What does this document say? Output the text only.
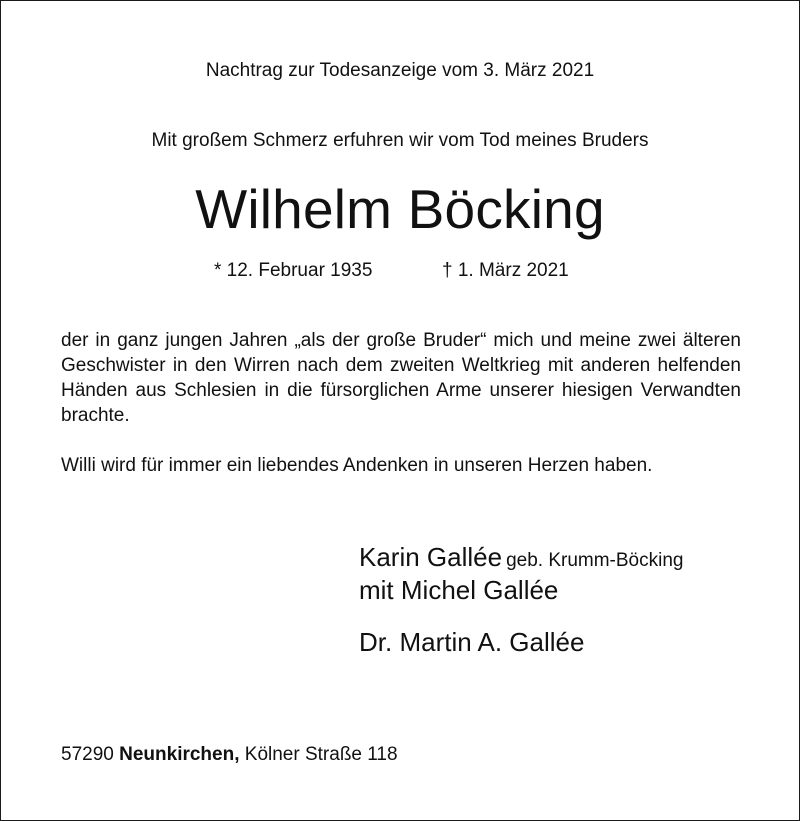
Nachtrag zur Todesanzeige vom 3. März 2021
Mit großem Schmerz erfuhren wir vom Tod meines Bruders
Wilhelm Böcking
* 12. Februar 1935	† 1. März 2021
der in ganz jungen Jahren „als der große Bruder“ mich und meine zwei älteren Geschwister in den Wirren nach dem zweiten Weltkrieg mit anderen helfenden Händen aus Schlesien in die fürsorglichen Arme unserer hiesigen Verwandten brachte.
Willi wird für immer ein liebendes Andenken in unseren Herzen haben.
Karin Gallée geb. Krumm-Böcking
mit Michel Gallée
Dr. Martin A. Gallée
57290 Neunkirchen, Kölner Straße 118
